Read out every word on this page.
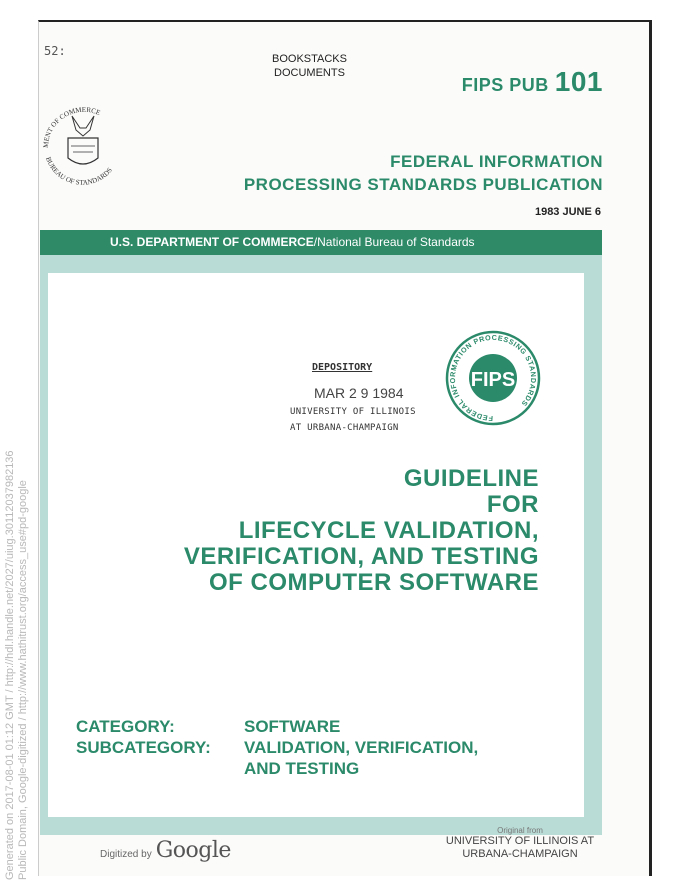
52:
BOOKSTACKS
DOCUMENTS
FIPS PUB 101
MENT OF COMMERCE
BUREAU OF STANDARDS	FEDERAL INFORMATION
PROCESSING STANDARDS PUBLICATION
1983 JUNE 6
U.S. DEPARTMENT OF COMMERCE/National Bureau of Standards
DEPOSITORY
MAR 2 9 1984
UNIVERSITY OF ILLINOIS
AT URBANA-CHAMPAIGN
FEDERAL INFORMATION PROCESSING STANDARDS
FIPS
GUIDELINE
FOR
LIFECYCLE VALIDATION,
VERIFICATION, AND TESTING
OF COMPUTER SOFTWARE
CATEGORY:	SOFTWARE
SUBCATEGORY:	VALIDATION, VERIFICATION,
AND TESTING
Digitized by Google
Original from
UNIVERSITY OF ILLINOIS AT
URBANA-CHAMPAIGN
Generated on 2017-08-01 01:12 GMT / http://hdl.handle.net/2027/uiug.30112037982136 Public Domain, Google-digitized / http://www.hathitrust.org/access_use#pd-google
